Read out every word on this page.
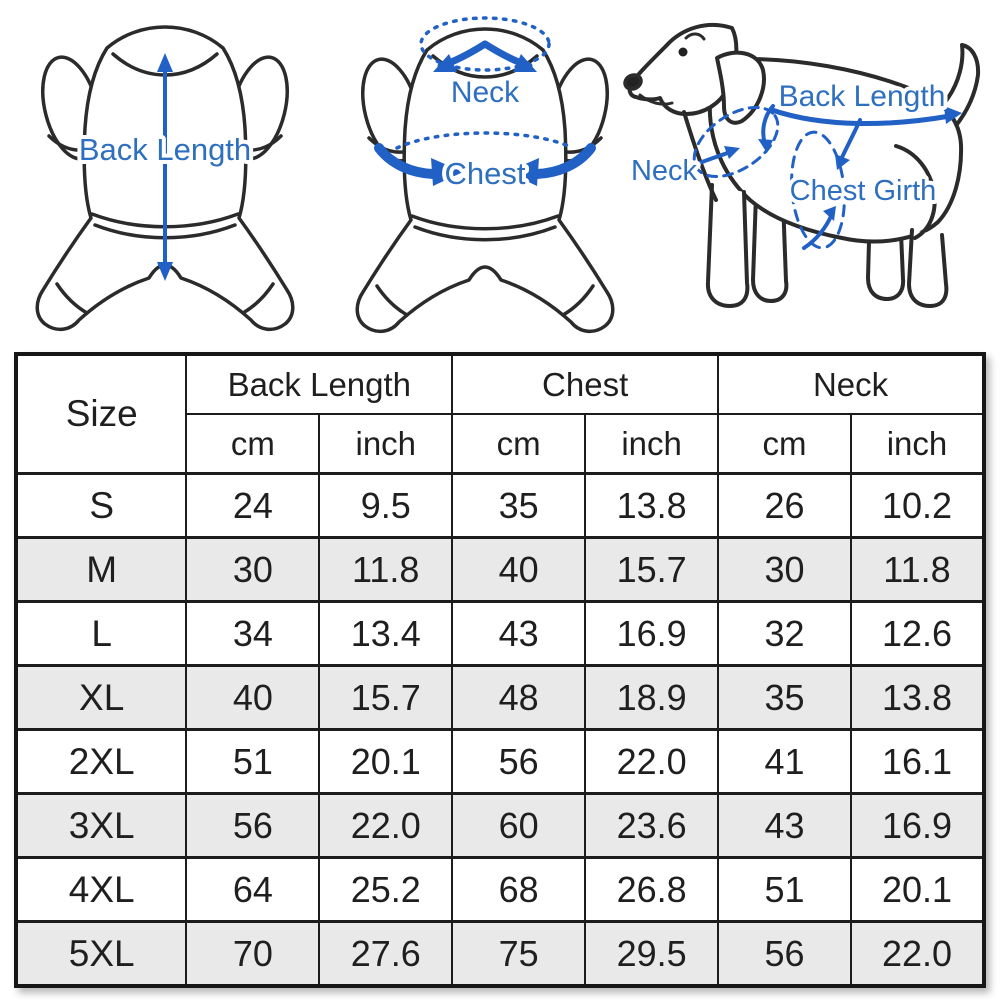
Back Length
Neck
Chest
Back Length
Neck
Chest Girth
Size	Back Length		Chest		Neck	
	cm	inch	cm	inch	cm	inch
S	24	9.5	35	13.8	26	10.2
M	30	11.8	40	15.7	30	11.8
L	34	13.4	43	16.9	32	12.6
XL	40	15.7	48	18.9	35	13.8
2XL	51	20.1	56	22.0	41	16.1
3XL	56	22.0	60	23.6	43	16.9
4XL	64	25.2	68	26.8	51	20.1
5XL	70	27.6	75	29.5	56	22.0
